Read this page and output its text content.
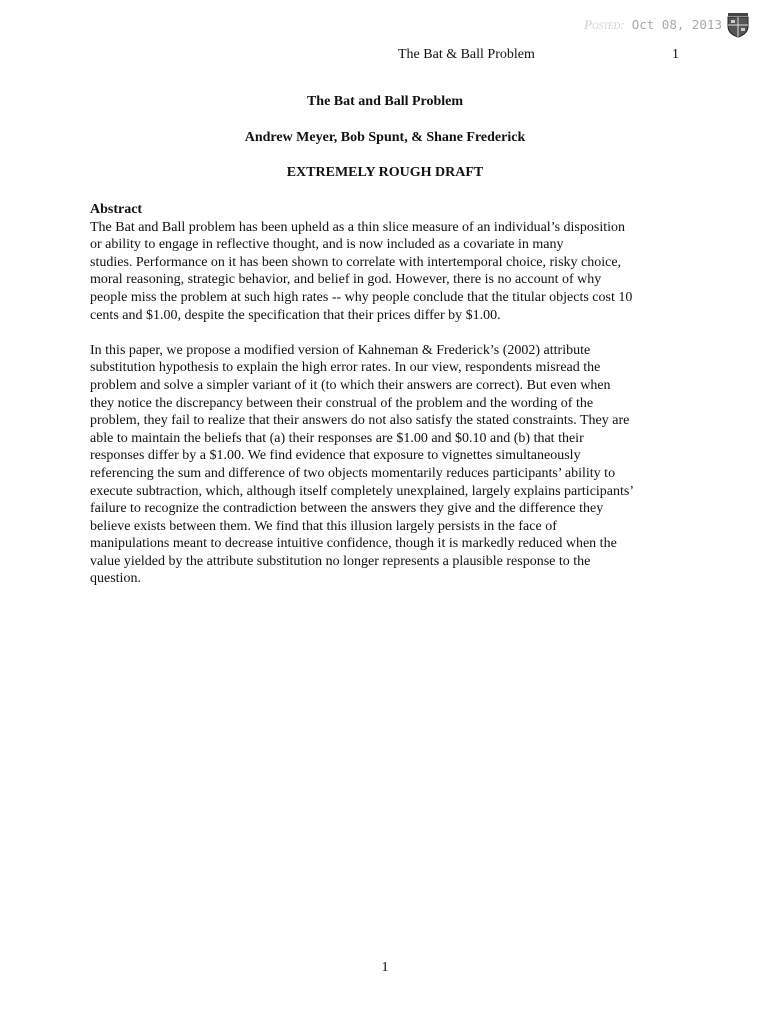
Posted: Oct 08, 2013
The Bat & Ball Problem	1
The Bat and Ball Problem
Andrew Meyer, Bob Spunt, & Shane Frederick
EXTREMELY ROUGH DRAFT
Abstract
The Bat and Ball problem has been upheld as a thin slice measure of an individual’s disposition
or ability to engage in reflective thought, and is now included as a covariate in many
studies. Performance on it has been shown to correlate with intertemporal choice, risky choice,
moral reasoning, strategic behavior, and belief in god. However, there is no account of why
people miss the problem at such high rates -- why people conclude that the titular objects cost 10
cents and $1.00, despite the specification that their prices differ by $1.00.
In this paper, we propose a modified version of Kahneman & Frederick’s (2002) attribute
substitution hypothesis to explain the high error rates. In our view, respondents misread the
problem and solve a simpler variant of it (to which their answers are correct). But even when
they notice the discrepancy between their construal of the problem and the wording of the
problem, they fail to realize that their answers do not also satisfy the stated constraints. They are
able to maintain the beliefs that (a) their responses are $1.00 and $0.10 and (b) that their
responses differ by a $1.00. We find evidence that exposure to vignettes simultaneously
referencing the sum and difference of two objects momentarily reduces participants’ ability to
execute subtraction, which, although itself completely unexplained, largely explains participants’
failure to recognize the contradiction between the answers they give and the difference they
believe exists between them. We find that this illusion largely persists in the face of
manipulations meant to decrease intuitive confidence, though it is markedly reduced when the
value yielded by the attribute substitution no longer represents a plausible response to the
question.
1
